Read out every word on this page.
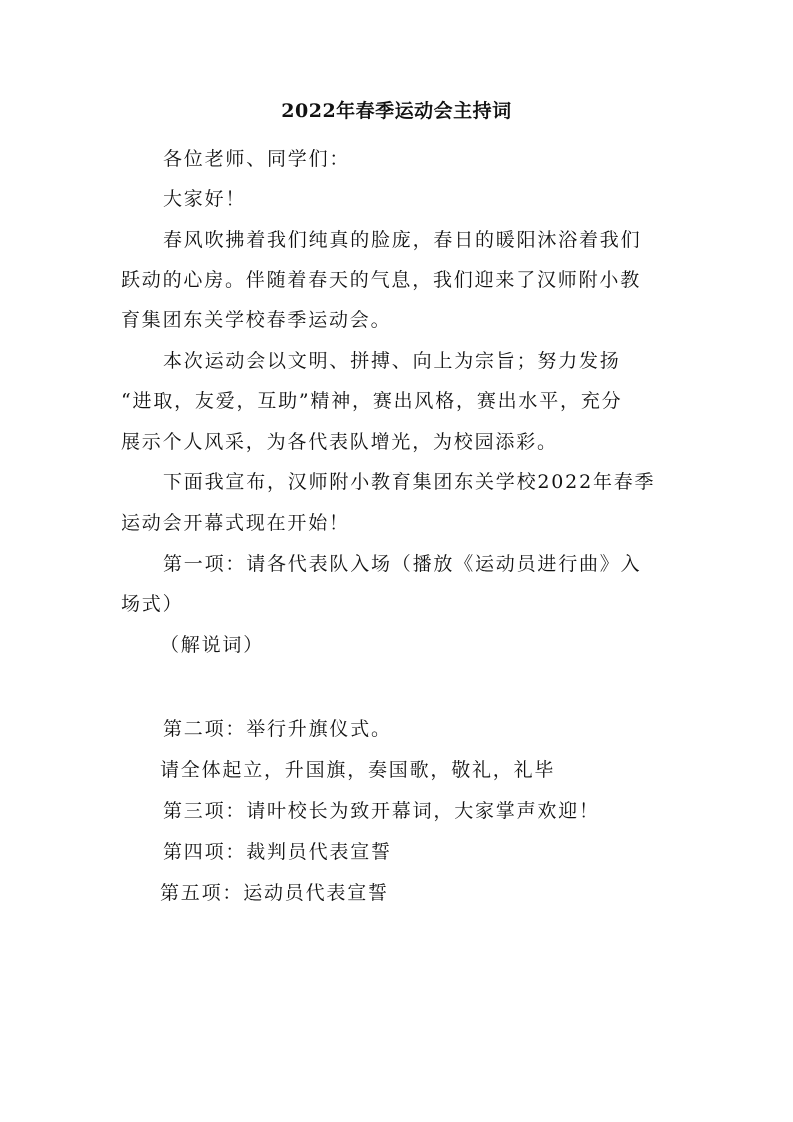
2022年春季运动会主持词
各位老师、同学们：
大家好！
春风吹拂着我们纯真的脸庞，春日的暖阳沐浴着我们
跃动的心房。伴随着春天的气息，我们迎来了汉师附小教
育集团东关学校春季运动会。
本次运动会以文明、拼搏、向上为宗旨；努力发扬
“进取，友爱，互助”精神，赛出风格，赛出水平，充分
展示个人风采，为各代表队增光，为校园添彩。
下面我宣布，汉师附小教育集团东关学校2022年春季
运动会开幕式现在开始！
第一项：请各代表队入场（播放《运动员进行曲》入
场式）
（解说词）
第二项：举行升旗仪式。
请全体起立，升国旗，奏国歌，敬礼，礼毕
第三项：请叶校长为致开幕词，大家掌声欢迎！
第四项：裁判员代表宣誓
第五项：运动员代表宣誓
